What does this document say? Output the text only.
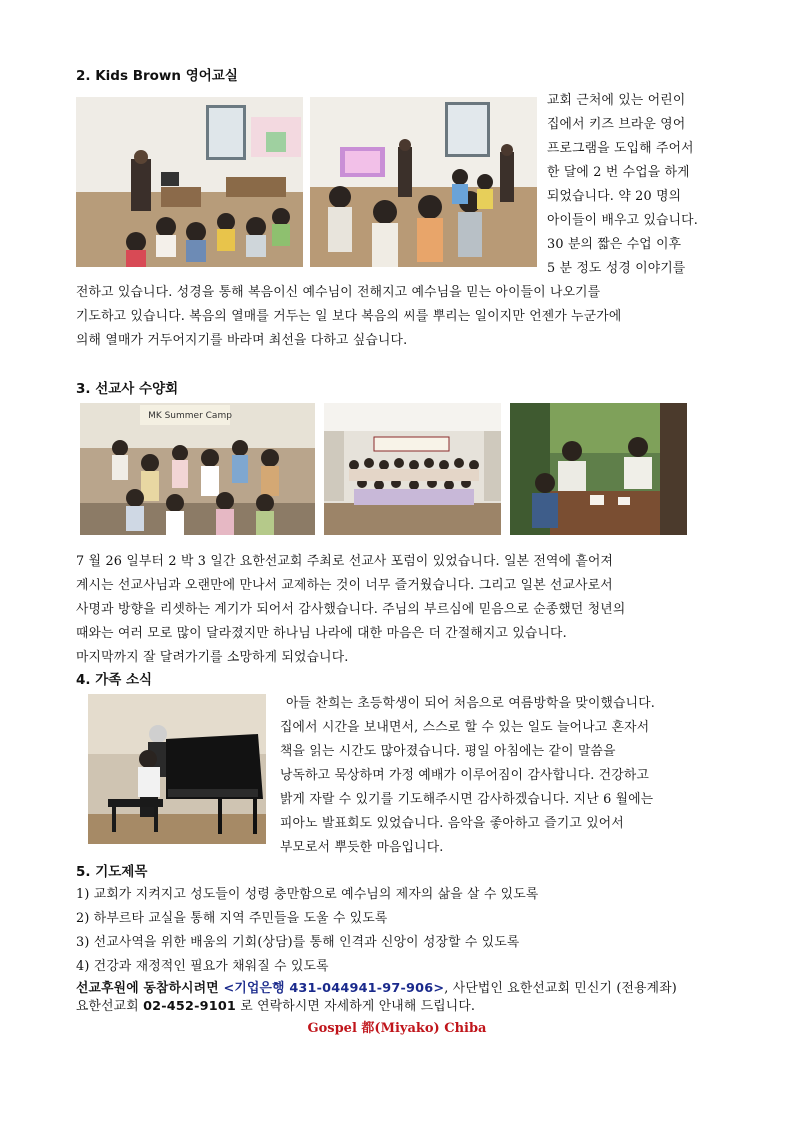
2. Kids Brown 영어교실
교회 근처에 있는 어린이
집에서 키즈 브라운 영어
프로그램을 도입해 주어서
한 달에 2 번 수업을 하게
되었습니다. 약 20 명의
아이들이 배우고 있습니다.
30 분의 짧은 수업 이후
5 분 정도 성경 이야기를
전하고 있습니다. 성경을 통해 복음이신 예수님이 전해지고 예수님을 믿는 아이들이 나오기를
기도하고 있습니다. 복음의 열매를 거두는 일 보다 복음의 씨를 뿌리는 일이지만 언젠가 누군가에
의해 열매가 거두어지기를 바라며 최선을 다하고 싶습니다.
3. 선교사 수양회
MK Summer Camp
7 월 26 일부터 2 박 3 일간 요한선교회 주최로 선교사 포럼이 있었습니다. 일본 전역에 흩어져
계시는 선교사님과 오랜만에 만나서 교제하는 것이 너무 즐거웠습니다. 그리고 일본 선교사로서
사명과 방향을 리셋하는 계기가 되어서 감사했습니다. 주님의 부르심에 믿음으로 순종했던 청년의
때와는 여러 모로 많이 달라졌지만 하나님 나라에 대한 마음은 더 간절해지고 있습니다.
마지막까지 잘 달려가기를 소망하게 되었습니다.
4. 가족 소식
아들 찬희는 초등학생이 되어 처음으로 여름방학을 맞이했습니다.
집에서 시간을 보내면서, 스스로 할 수 있는 일도 늘어나고 혼자서
책을 읽는 시간도 많아졌습니다. 평일 아침에는 같이 말씀을
낭독하고 묵상하며 가정 예배가 이루어짐이 감사합니다. 건강하고
밝게 자랄 수 있기를 기도해주시면 감사하겠습니다. 지난 6 월에는
피아노 발표회도 있었습니다. 음악을 좋아하고 즐기고 있어서
부모로서 뿌듯한 마음입니다.
5. 기도제목
1) 교회가 지켜지고 성도들이 성령 충만함으로 예수님의 제자의 삶을 살 수 있도록
2) 하부르타 교실을 통해 지역 주민들을 도울 수 있도록
3) 선교사역을 위한 배움의 기회(상담)를 통해 인격과 신앙이 성장할 수 있도록
4) 건강과 재정적인 필요가 채워질 수 있도록
선교후원에 동참하시려면 <기업은행 431-044941-97-906>, 사단법인 요한선교회 민신기 (전용계좌)
요한선교회 02-452-9101 로 연락하시면 자세하게 안내해 드립니다.
Gospel 都(Miyako) Chiba
